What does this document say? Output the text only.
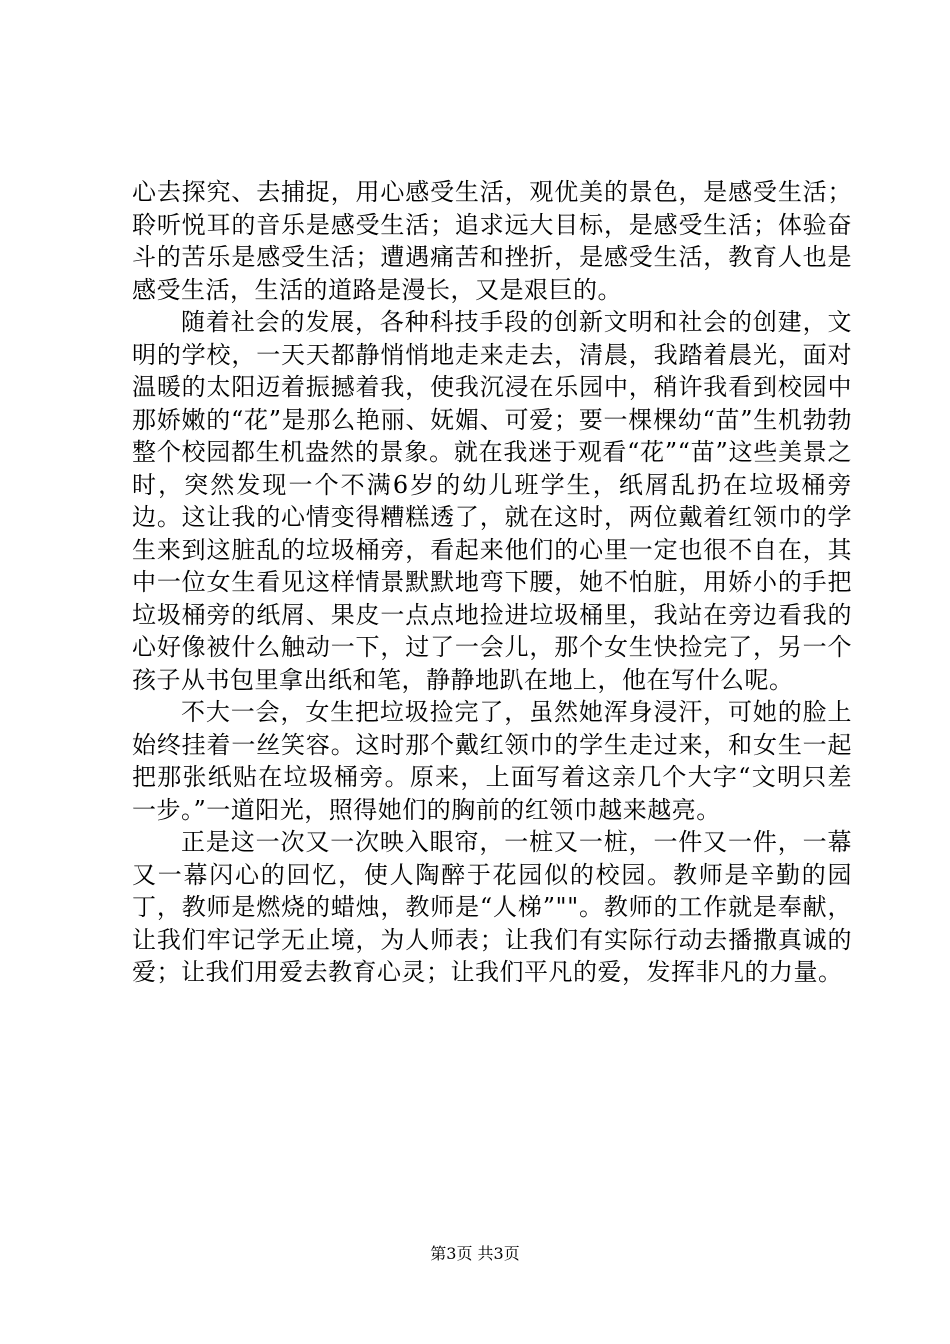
心去探究、去捕捉，用心感受生活，观优美的景色，是感受生活；聆听悦耳的音乐是感受生活；追求远大目标，是感受生活；体验奋斗的苦乐是感受生活；遭遇痛苦和挫折，是感受生活，教育人也是感受生活，生活的道路是漫长，又是艰巨的。

随着社会的发展，各种科技手段的创新文明和社会的创建，文明的学校，一天天都静悄悄地走来走去，清晨，我踏着晨光，面对温暖的太阳迈着振撼着我，使我沉浸在乐园中，稍许我看到校园中那娇嫩的“花”是那么艳丽、妩媚、可爱；要一棵棵幼“苗”生机勃勃整个校园都生机盎然的景象。就在我迷于观看“花”“苗”这些美景之时，突然发现一个不满6岁的幼儿班学生，纸屑乱扔在垃圾桶旁边。这让我的心情变得糟糕透了，就在这时，两位戴着红领巾的学生来到这脏乱的垃圾桶旁，看起来他们的心里一定也很不自在，其中一位女生看见这样情景默默地弯下腰，她不怕脏，用娇小的手把垃圾桶旁的纸屑、果皮一点点地捡进垃圾桶里，我站在旁边看我的心好像被什么触动一下，过了一会儿，那个女生快捡完了，另一个孩子从书包里拿出纸和笔，静静地趴在地上，他在写什么呢。

不大一会，女生把垃圾捡完了，虽然她浑身浸汗，可她的脸上始终挂着一丝笑容。这时那个戴红领巾的学生走过来，和女生一起把那张纸贴在垃圾桶旁。原来，上面写着这亲几个大字“文明只差一步。”一道阳光，照得她们的胸前的红领巾越来越亮。

正是这一次又一次映入眼帘，一桩又一桩，一件又一件，一幕又一幕闪心的回忆，使人陶醉于花园似的校园。教师是辛勤的园丁，教师是燃烧的蜡烛，教师是“人梯”""。教师的工作就是奉献，让我们牢记学无止境，为人师表；让我们有实际行动去播撒真诚的爱；让我们用爱去教育心灵；让我们平凡的爱，发挥非凡的力量。

第3页 共3页
